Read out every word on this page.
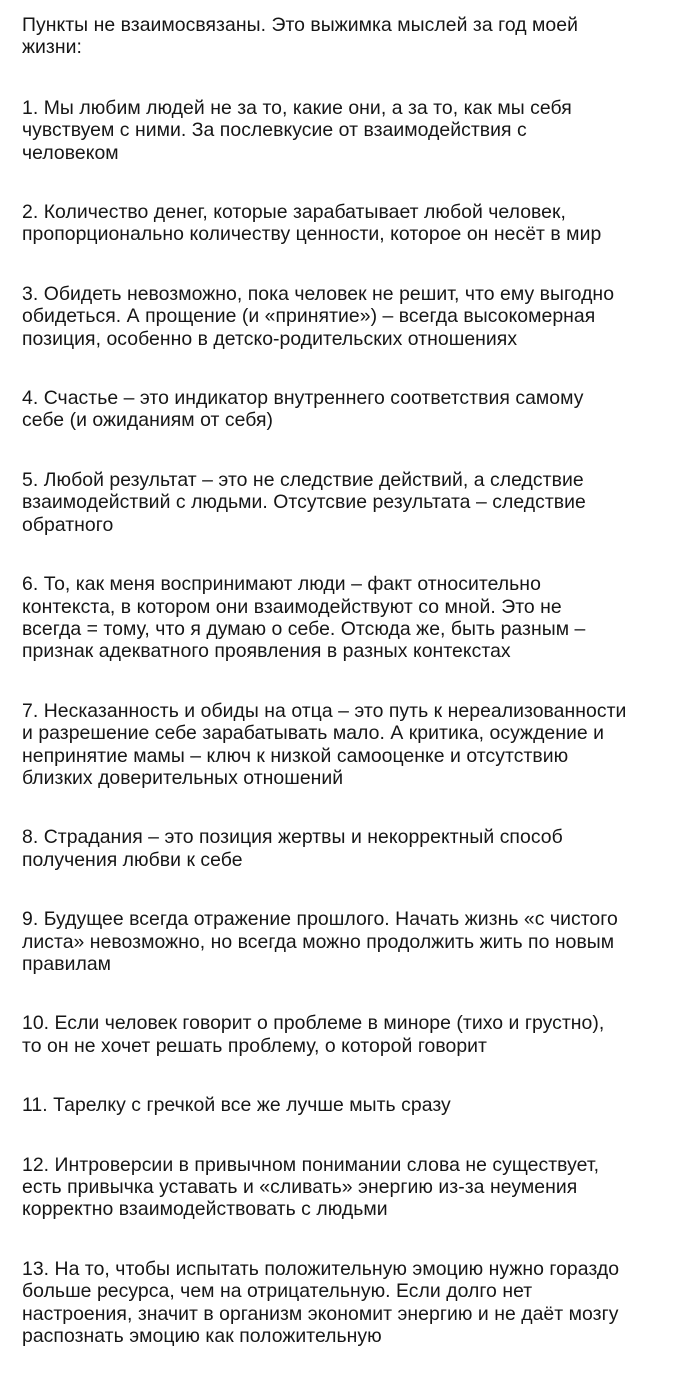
Пункты не взаимосвязаны. Это выжимка мыслей за год моей
жизни:
1. Мы любим людей не за то, какие они, а за то, как мы себя
чувствуем с ними. За послевкусие от взаимодействия с
человеком
2. Количество денег, которые зарабатывает любой человек,
пропорционально количеству ценности, которое он несёт в мир
3. Обидеть невозможно, пока человек не решит, что ему выгодно
обидеться. А прощение (и «принятие») – всегда высокомерная
позиция, особенно в детско-родительских отношениях
4. Счастье – это индикатор внутреннего соответствия самому
себе (и ожиданиям от себя)
5. Любой результат – это не следствие действий, а следствие
взаимодействий с людьми. Отсутсвие результата – следствие
обратного
6. То, как меня воспринимают люди – факт относительно
контекста, в котором они взаимодействуют со мной. Это не
всегда = тому, что я думаю о себе. Отсюда же, быть разным –
признак адекватного проявления в разных контекстах
7. Несказанность и обиды на отца – это путь к нереализованности
и разрешение себе зарабатывать мало. А критика, осуждение и
непринятие мамы – ключ к низкой самооценке и отсутствию
близких доверительных отношений
8. Страдания – это позиция жертвы и некорректный способ
получения любви к себе
9. Будущее всегда отражение прошлого. Начать жизнь «с чистого
листа» невозможно, но всегда можно продолжить жить по новым
правилам
10. Если человек говорит о проблеме в миноре (тихо и грустно),
то он не хочет решать проблему, о которой говорит
11. Тарелку с гречкой все же лучше мыть сразу
12. Интроверсии в привычном понимании слова не существует,
есть привычка уставать и «сливать» энергию из-за неумения
корректно взаимодействовать с людьми
13. На то, чтобы испытать положительную эмоцию нужно гораздо
больше ресурса, чем на отрицательную. Если долго нет
настроения, значит в организм экономит энергию и не даёт мозгу
распознать эмоцию как положительную
